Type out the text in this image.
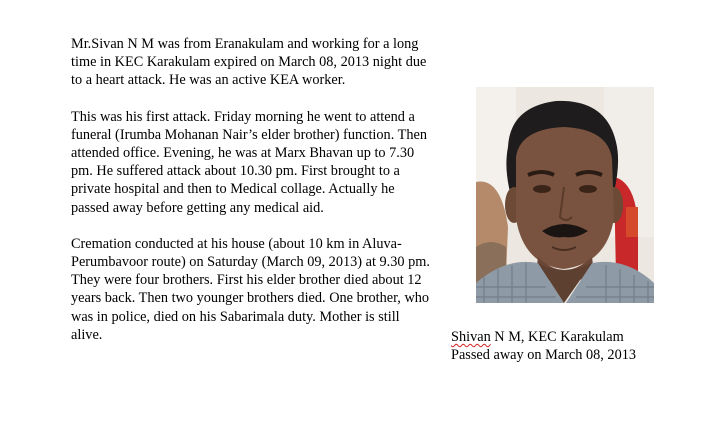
Mr.Sivan N M was from Eranakulam and working for a long time in KEC Karakulam expired on March 08, 2013 night due to a heart attack. He was an active KEA worker.

This was his first attack. Friday morning he went to attend a funeral (Irumba Mohanan Nair’s elder brother) function. Then attended office. Evening, he was at Marx Bhavan up to 7.30 pm. He suffered attack about 10.30 pm. First brought to a private hospital and then to Medical collage. Actually he passed away before getting any medical aid.

Cremation conducted at his house (about 10 km in Aluva-Perumbavoor route) on Saturday (March 09, 2013) at 9.30 pm. They were four brothers. First his elder brother died about 12 years back. Then two younger brothers died. One brother, who was in police, died on his Sabarimala duty. Mother is still alive.	Shivan N M, KEC Karakulam
Passed away on March 08, 2013
